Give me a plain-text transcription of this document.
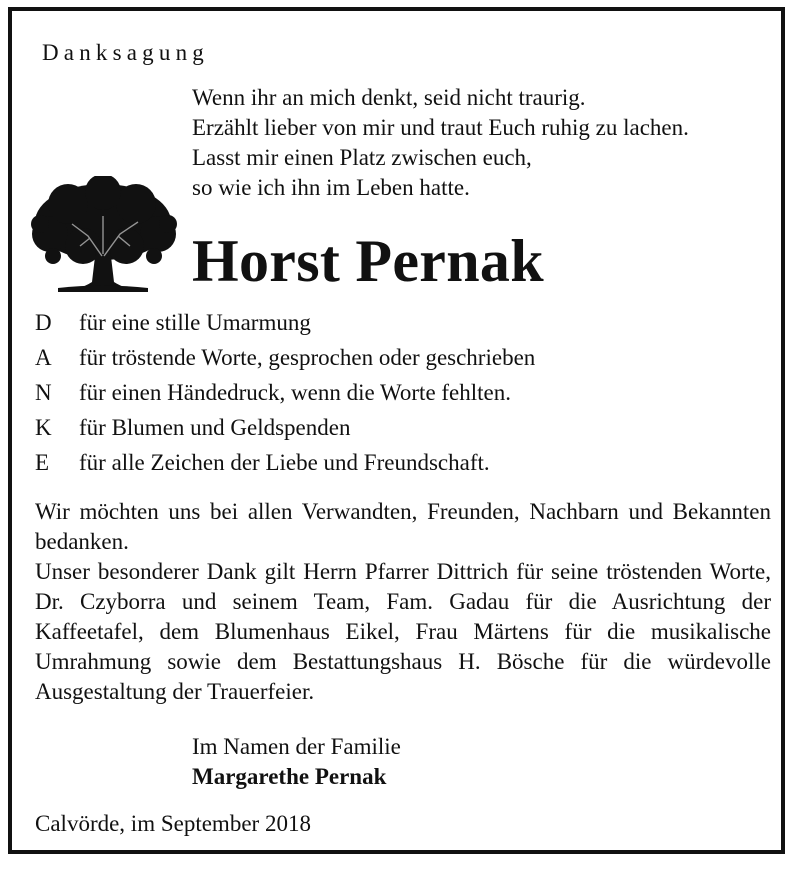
Danksagung
Wenn ihr an mich denkt, seid nicht traurig.
Erzählt lieber von mir und traut Euch ruhig zu lachen.
Lasst mir einen Platz zwischen euch,
so wie ich ihn im Leben hatte.
Horst Pernak
D	für eine stille Umarmung
A	für tröstende Worte, gesprochen oder geschrieben
N	für einen Händedruck, wenn die Worte fehlten.
K	für Blumen und Geldspenden
E	für alle Zeichen der Liebe und Freundschaft.

Wir möchten uns bei allen Verwandten, Freunden, Nachbarn und Bekannten bedanken.

Unser besonderer Dank gilt Herrn Pfarrer Dittrich für seine tröstenden Worte, Dr. Czyborra und seinem Team, Fam. Gadau für die Ausrichtung der Kaffeetafel, dem Blumenhaus Eikel, Frau Märtens für die musikalische Umrahmung sowie dem Bestattungshaus H. Bösche für die würdevolle Ausgestaltung der Trauerfeier.

Im Namen der Familie
Margarethe Pernak
Calvörde, im September 2018
